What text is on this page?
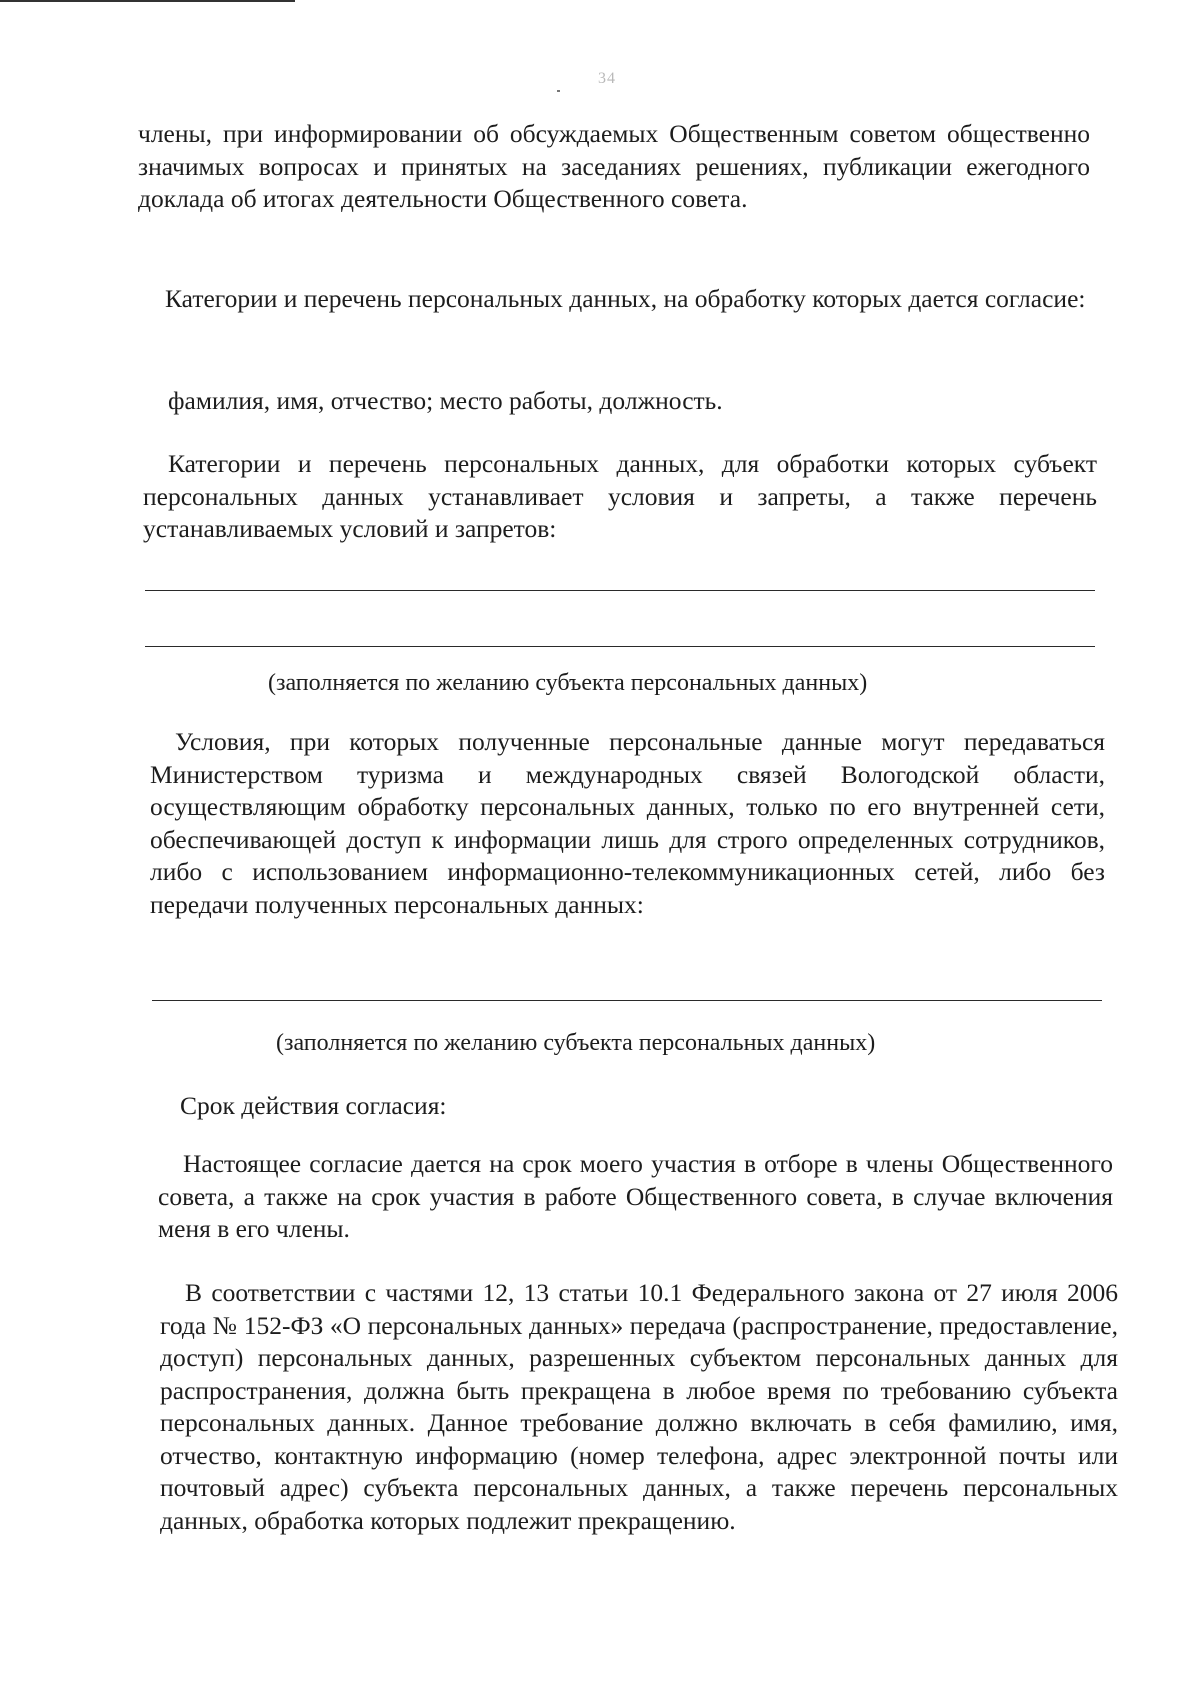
34

члены, при информировании об обсуждаемых Общественным советом общественно значимых вопросах и принятых на заседаниях решениях, публикации ежегодного доклада об итогах деятельности Общественного совета.

Категории и перечень персональных данных, на обработку которых дается согласие:

фамилия, имя, отчество; место работы, должность.

Категории и перечень персональных данных, для обработки которых субъект персональных данных устанавливает условия и запреты, а также перечень устанавливаемых условий и запретов:

(заполняется по желанию субъекта персональных данных)

Условия, при которых полученные персональные данные могут передаваться Министерством туризма и международных связей Вологодской области, осуществляющим обработку персональных данных, только по его внутренней сети, обеспечивающей доступ к информации лишь для строго определенных сотрудников, либо с использованием информационно-телекоммуникационных сетей, либо без передачи полученных персональных данных:

(заполняется по желанию субъекта персональных данных)
Срок действия согласия:

Настоящее согласие дается на срок моего участия в отборе в члены Общественного совета, а также на срок участия в работе Общественного совета, в случае включения меня в его члены.

В соответствии с частями 12, 13 статьи 10.1 Федерального закона от 27 июля 2006 года № 152-ФЗ «О персональных данных» передача (распространение, предоставление, доступ) персональных данных, разрешенных субъектом персональных данных для распространения, должна быть прекращена в любое время по требованию субъекта персональных данных. Данное требование должно включать в себя фамилию, имя, отчество, контактную информацию (номер телефона, адрес электронной почты или почтовый адрес) субъекта персональных данных, а также перечень персональных данных, обработка которых подлежит прекращению.
